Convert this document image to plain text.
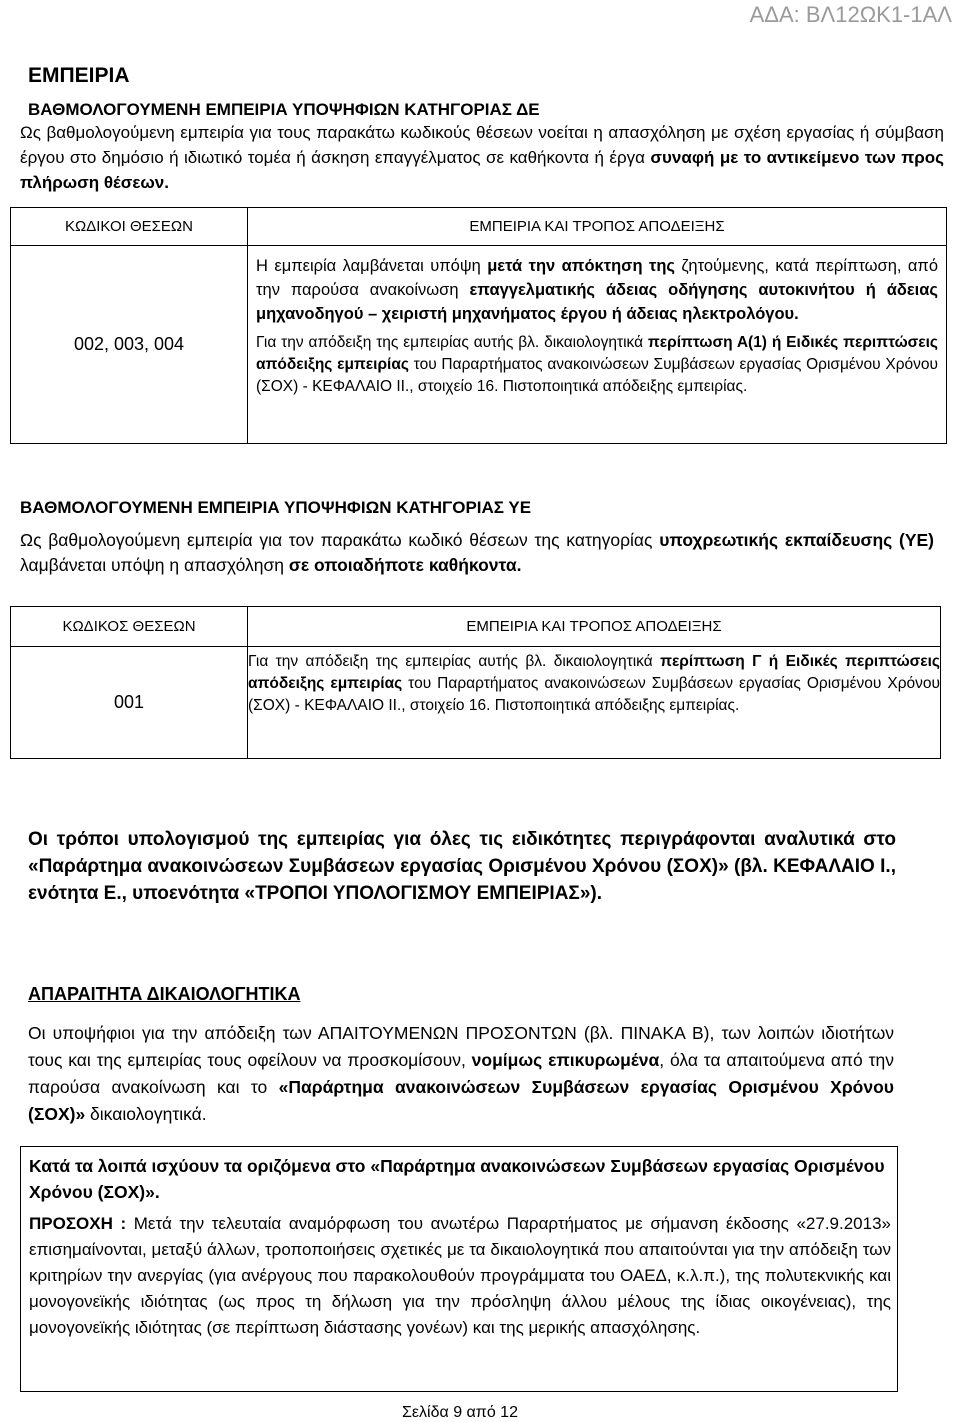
ΑΔΑ: ΒΛ12ΩΚ1-1ΑΛ
ΕΜΠΕΙΡΙΑ
ΒΑΘΜΟΛΟΓΟΥΜΕΝΗ ΕΜΠΕΙΡΙΑ ΥΠΟΨΗΦΙΩΝ ΚΑΤΗΓΟΡΙΑΣ ΔΕ
Ως βαθμολογούμενη εμπειρία για τους παρακάτω κωδικούς θέσεων νοείται η απασχόληση με σχέση εργασίας ή σύμβαση έργου στο δημόσιο ή ιδιωτικό τομέα ή άσκηση επαγγέλματος σε καθήκοντα ή έργα συναφή με το αντικείμενο των προς πλήρωση θέσεων.
ΚΩΔΙΚΟΙ ΘΕΣΕΩΝ	ΕΜΠΕΙΡΙΑ ΚΑΙ ΤΡΟΠΟΣ ΑΠΟΔΕΙΞΗΣ
002, 003, 004	Η εμπειρία λαμβάνεται υπόψη μετά την απόκτηση της ζητούμενης, κατά περίπτωση, από την παρούσα ανακοίνωση επαγγελματικής άδειας οδήγησης αυτοκινήτου ή άδειας μηχανοδηγού – χειριστή μηχανήματος έργου ή άδειας ηλεκτρολόγου.
Για την απόδειξη της εμπειρίας αυτής βλ. δικαιολογητικά περίπτωση Α(1) ή Ειδικές περιπτώσεις απόδειξης εμπειρίας του Παραρτήματος ανακοινώσεων Συμβάσεων εργασίας Ορισμένου Χρόνου (ΣΟΧ) - ΚΕΦΑΛΑΙΟ ΙΙ., στοιχείο 16. Πιστοποιητικά απόδειξης εμπειρίας.
ΒΑΘΜΟΛΟΓΟΥΜΕΝΗ ΕΜΠΕΙΡΙΑ ΥΠΟΨΗΦΙΩΝ ΚΑΤΗΓΟΡΙΑΣ ΥΕ
Ως βαθμολογούμενη εμπειρία για τον παρακάτω κωδικό θέσεων της κατηγορίας υποχρεωτικής εκπαίδευσης (ΥΕ) λαμβάνεται υπόψη η απασχόληση σε οποιαδήποτε καθήκοντα.
ΚΩΔΙΚΟΣ ΘΕΣΕΩΝ	ΕΜΠΕΙΡΙΑ ΚΑΙ ΤΡΟΠΟΣ ΑΠΟΔΕΙΞΗΣ
001	Για την απόδειξη της εμπειρίας αυτής βλ. δικαιολογητικά περίπτωση Γ ή Ειδικές περιπτώσεις απόδειξης εμπειρίας του Παραρτήματος ανακοινώσεων Συμβάσεων εργασίας Ορισμένου Χρόνου (ΣΟΧ) - ΚΕΦΑΛΑΙΟ ΙΙ., στοιχείο 16. Πιστοποιητικά απόδειξης εμπειρίας.
Οι τρόποι υπολογισμού της εμπειρίας για όλες τις ειδικότητες περιγράφονται αναλυτικά στο «Παράρτημα ανακοινώσεων Συμβάσεων εργασίας Ορισμένου Χρόνου (ΣΟΧ)» (βλ. ΚΕΦΑΛΑΙΟ Ι., ενότητα Ε., υποενότητα «ΤΡΟΠΟΙ ΥΠΟΛΟΓΙΣΜΟΥ ΕΜΠΕΙΡΙΑΣ»).
ΑΠΑΡΑΙΤΗΤΑ ΔΙΚΑΙΟΛΟΓΗΤΙΚΑ
Οι υποψήφιοι για την απόδειξη των ΑΠΑΙΤΟΥΜΕΝΩΝ ΠΡΟΣΟΝΤΩΝ (βλ. ΠΙΝΑΚΑ Β), των λοιπών ιδιοτήτων τους και της εμπειρίας τους οφείλουν να προσκομίσουν, νομίμως επικυρωμένα, όλα τα απαιτούμενα από την παρούσα ανακοίνωση και το «Παράρτημα ανακοινώσεων Συμβάσεων εργασίας Ορισμένου Χρόνου (ΣΟΧ)» δικαιολογητικά.
Κατά τα λοιπά ισχύουν τα οριζόμενα στο «Παράρτημα ανακοινώσεων Συμβάσεων εργασίας Ορισμένου Χρόνου (ΣΟΧ)».
ΠΡΟΣΟΧΗ : Μετά την τελευταία αναμόρφωση του ανωτέρω Παραρτήματος με σήμανση έκδοσης «27.9.2013» επισημαίνονται, μεταξύ άλλων, τροποποιήσεις σχετικές με τα δικαιολογητικά που απαιτούνται για την απόδειξη των κριτηρίων την ανεργίας (για ανέργους που παρακολουθούν προγράμματα του ΟΑΕΔ, κ.λ.π.), της πολυτεκνικής και μονογονεϊκής ιδιότητας (ως προς τη δήλωση για την πρόσληψη άλλου μέλους της ίδιας οικογένειας), της μονογονεϊκής ιδιότητας (σε περίπτωση διάστασης γονέων) και της μερικής απασχόλησης.
Σελίδα 9 από 12
